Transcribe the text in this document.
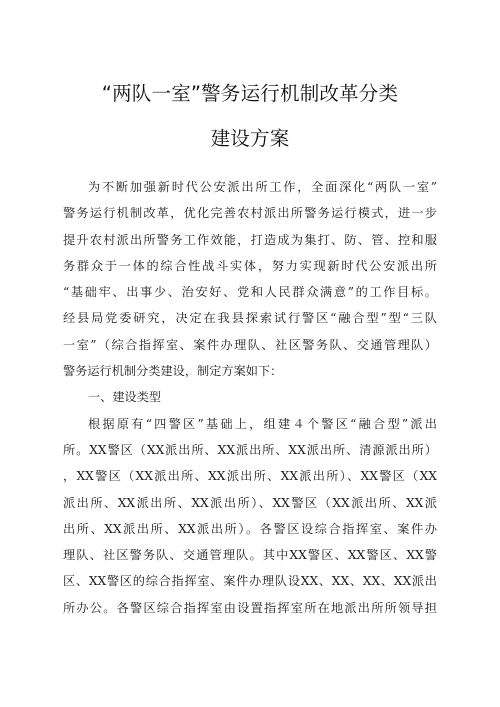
“两队一室”警务运行机制改革分类
建设方案
为不断加强新时代公安派出所工作，全面深化“两队一室”
警务运行机制改革，优化完善农村派出所警务运行模式，进一步
提升农村派出所警务工作效能，打造成为集打、防、管、控和服
务群众于一体的综合性战斗实体，努力实现新时代公安派出所
“基础牢、出事少、治安好、党和人民群众满意”的工作目标。
经县局党委研究，决定在我县探索试行警区“融合型”型“三队
一室”（综合指挥室、案件办理队、社区警务队、交通管理队）
警务运行机制分类建设，制定方案如下：
一、建设类型
根据原有“四警区”基础上，组建４个警区“融合型”派出
所。XX警区（XX派出所、XX派出所、XX派出所、清源派出所）
，XX警区（XX派出所、XX派出所、XX派出所）、XX警区（XX
派出所、XX派出所、XX派出所）、XX警区（XX派出所、XX派
出所、XX派出所、XX派出所）。各警区设综合指挥室、案件办
理队、社区警务队、交通管理队。其中XX警区、XX警区、XX警
区、XX警区的综合指挥室、案件办理队设XX、XX、XX、XX派出
所办公。各警区综合指挥室由设置指挥室所在地派出所所领导担
